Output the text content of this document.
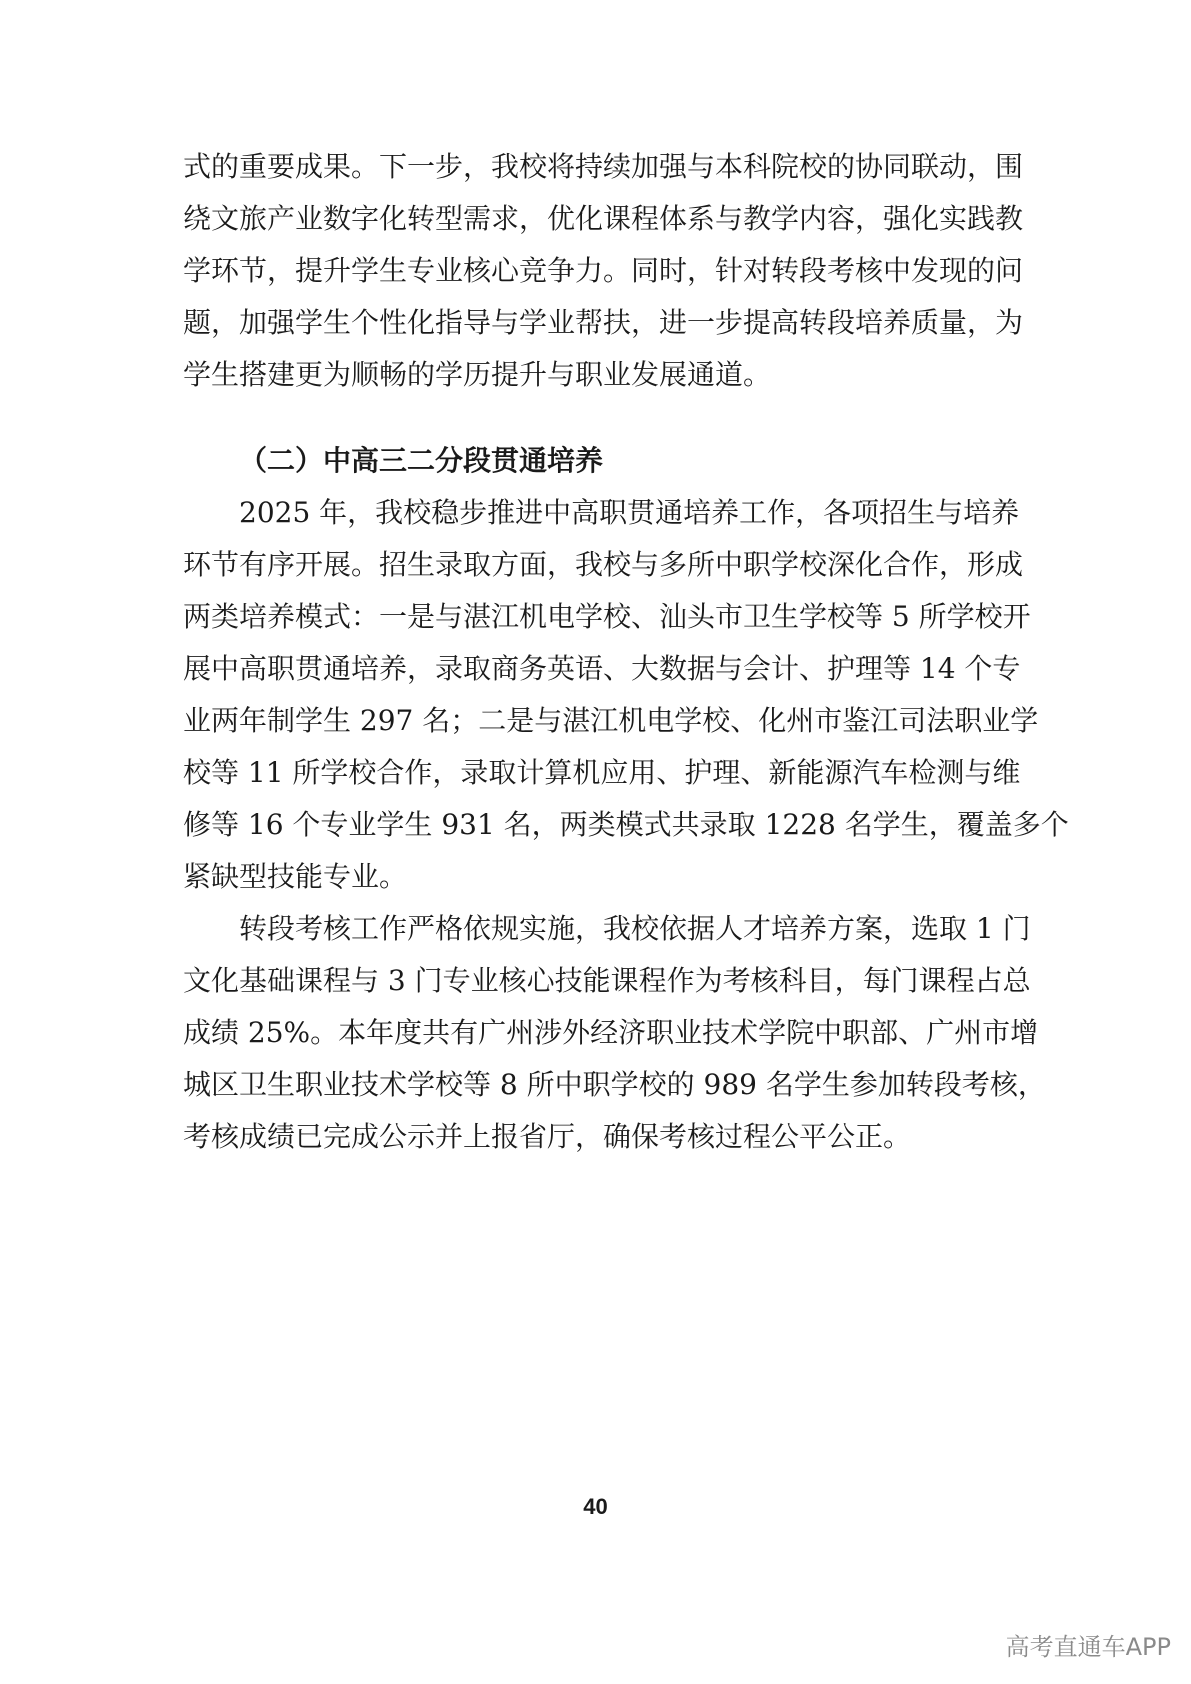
式的重要成果。下一步，我校将持续加强与本科院校的协同联动，围
绕文旅产业数字化转型需求，优化课程体系与教学内容，强化实践教
学环节，提升学生专业核心竞争力。同时，针对转段考核中发现的问
题，加强学生个性化指导与学业帮扶，进一步提高转段培养质量，为
学生搭建更为顺畅的学历提升与职业发展通道。
（二）中高三二分段贯通培养
2025 年，我校稳步推进中高职贯通培养工作，各项招生与培养
环节有序开展。招生录取方面，我校与多所中职学校深化合作，形成
两类培养模式：一是与湛江机电学校、汕头市卫生学校等 5 所学校开
展中高职贯通培养，录取商务英语、大数据与会计、护理等 14 个专
业两年制学生 297 名；二是与湛江机电学校、化州市鉴江司法职业学
校等 11 所学校合作，录取计算机应用、护理、新能源汽车检测与维
修等 16 个专业学生 931 名，两类模式共录取 1228 名学生，覆盖多个
紧缺型技能专业。
转段考核工作严格依规实施，我校依据人才培养方案，选取 1 门
文化基础课程与 3 门专业核心技能课程作为考核科目，每门课程占总
成绩 25%。本年度共有广州涉外经济职业技术学院中职部、广州市增
城区卫生职业技术学校等 8 所中职学校的 989 名学生参加转段考核，
考核成绩已完成公示并上报省厅，确保考核过程公平公正。
40
高考直通车APP
